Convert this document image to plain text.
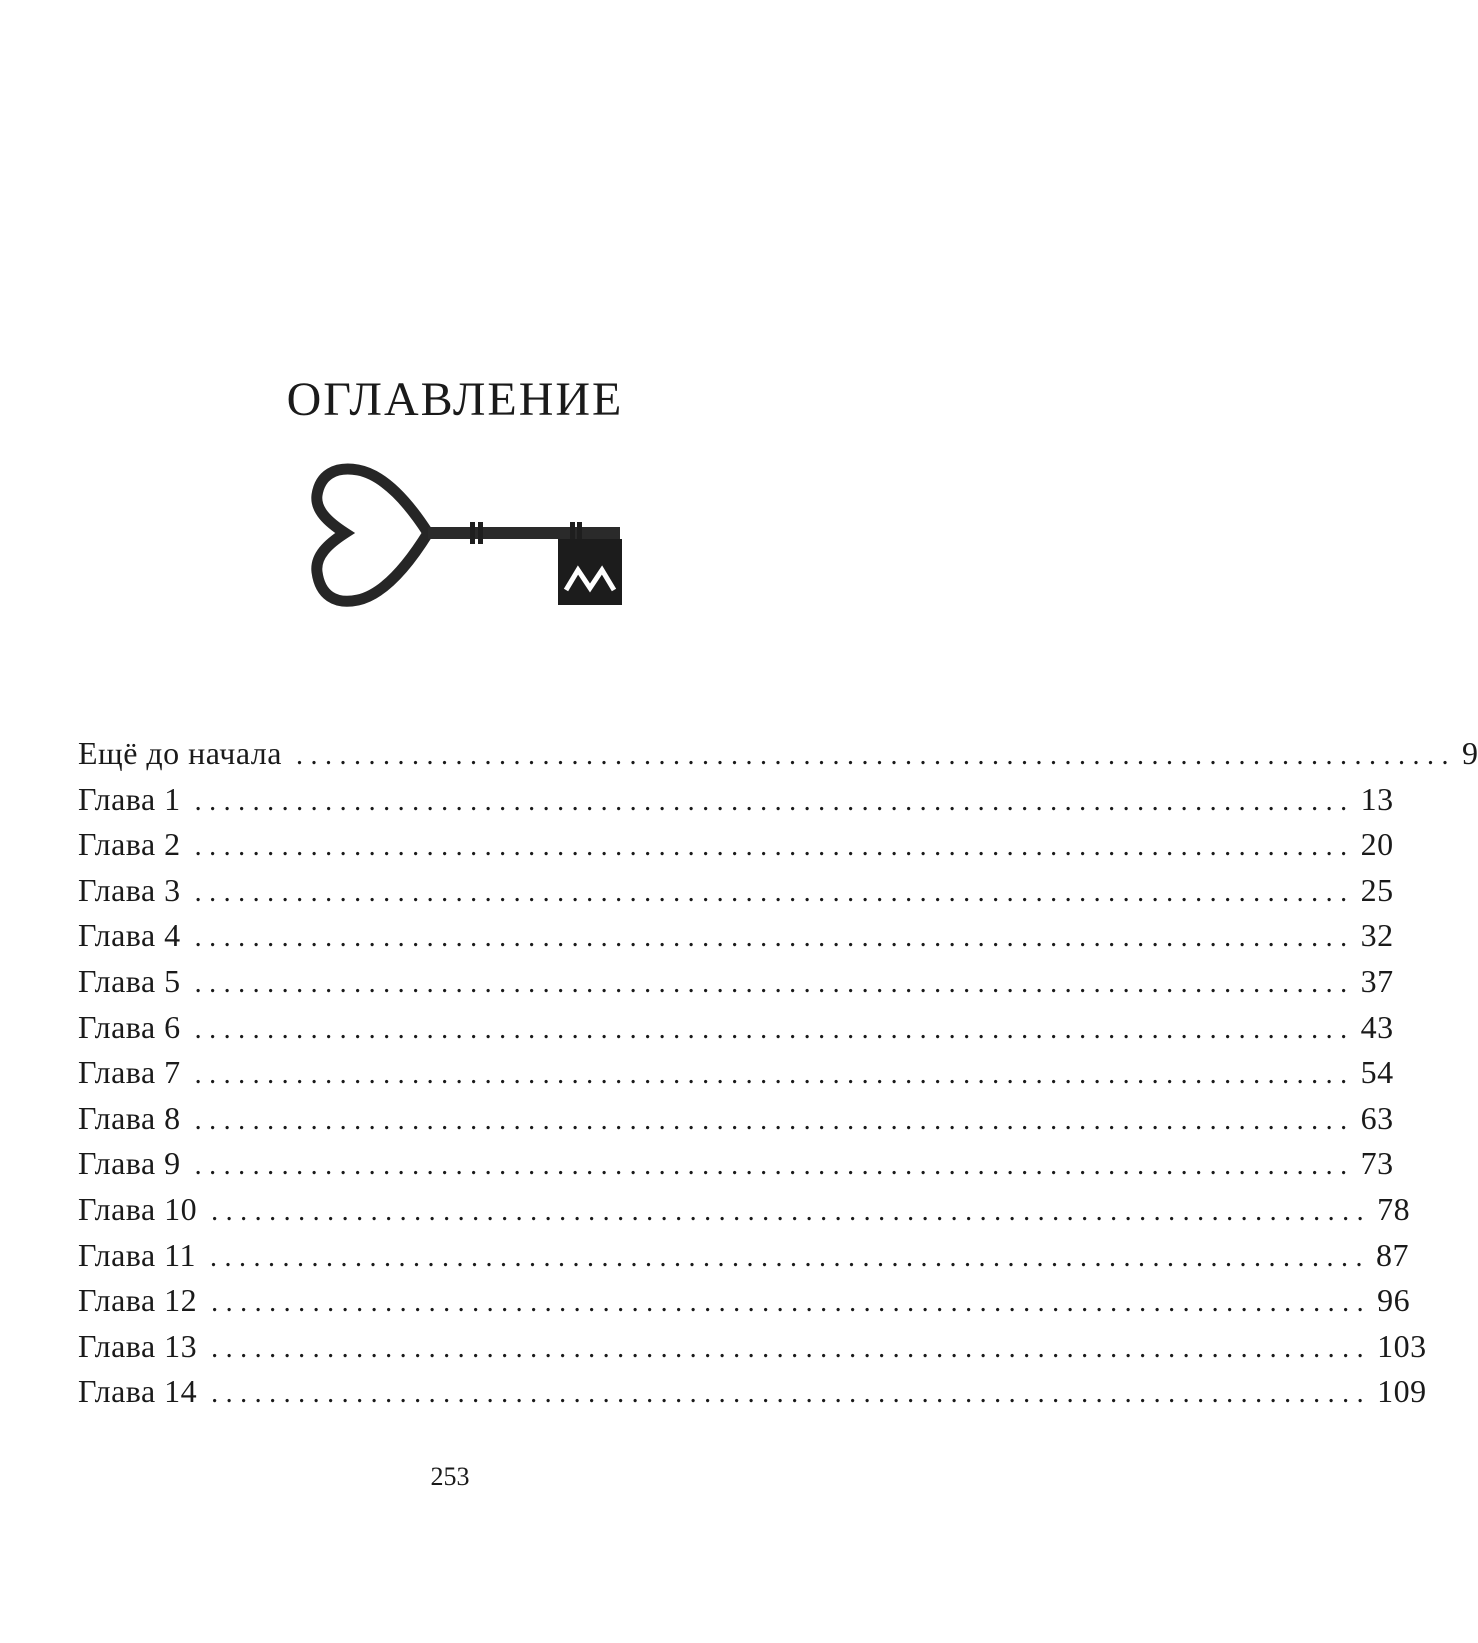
ОГЛАВЛЕНИЕ
Ещё до начала ................................................................................ 9
Глава 1 ................................................................................ 13
Глава 2 ................................................................................ 20
Глава 3 ................................................................................ 25
Глава 4 ................................................................................ 32
Глава 5 ................................................................................ 37
Глава 6 ................................................................................ 43
Глава 7 ................................................................................ 54
Глава 8 ................................................................................ 63
Глава 9 ................................................................................ 73
Глава 10 ................................................................................ 78
Глава 11 ................................................................................ 87
Глава 12 ................................................................................ 96
Глава 13 ................................................................................ 103
Глава 14 ................................................................................ 109
253
